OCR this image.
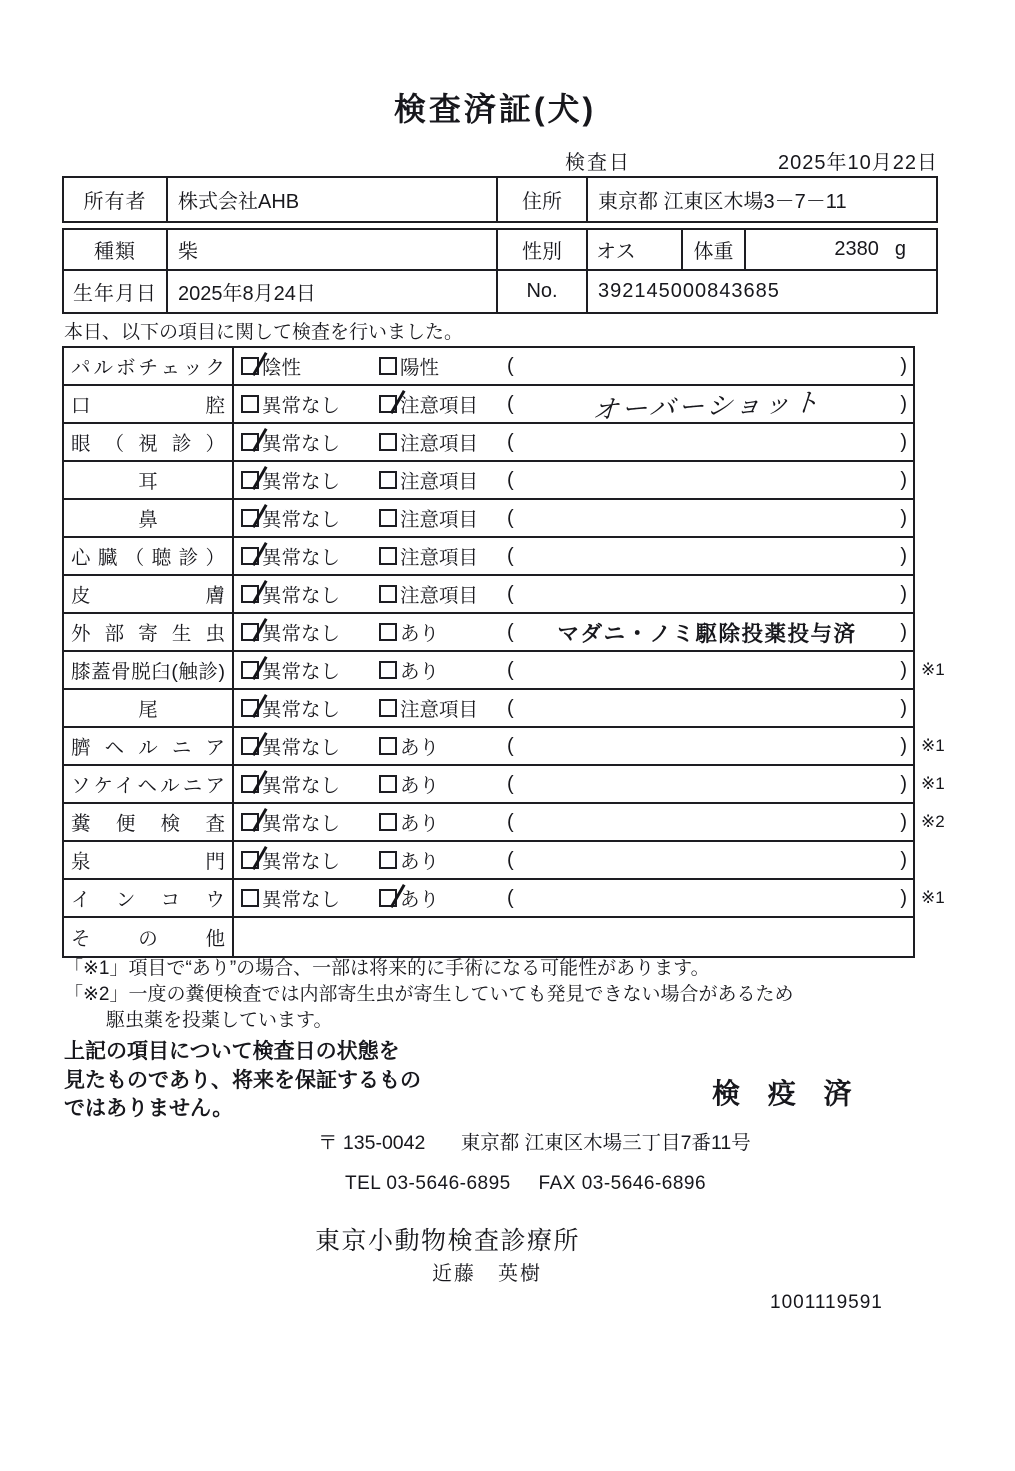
検査済証(犬)
検査日	2025年10月22日
所有者	株式会社AHB	住所	東京都 江東区木場3－7－11
種類	柴	性別	オス	体重	2380 g
生年月日	2025年8月24日	No.	392145000843685
本日、以下の項目に関して検査を行いました。
パルボチェック 陰性	陽性	(	)
口腔 異常なし	注意項目 (	オーバーショット	)
眼（視診） 異常なし	注意項目 (	)
耳	異常なし	注意項目 (	)
鼻	異常なし	注意項目 (	)
心臓（聴診） 異常なし	注意項目 (	)
皮膚 異常なし	注意項目 (	)
外部寄生虫 異常なし	あり	(	マダニ・ノミ駆除投薬投与済	)
膝蓋骨脱臼(触診) 異常なし	あり	(	) ※1
尾	異常なし	注意項目 (	)
臍ヘルニア 異常なし	あり	(	) ※1
ソケイヘルニア 異常なし	あり	(	) ※1
糞便検査 異常なし	あり	(	) ※2
泉門 異常なし	あり	(	)
インコウ 異常なし	あり	(	) ※1
その他
「※1」項目で“あり”の場合、一部は将来的に手術になる可能性があります。
「※2」一度の糞便検査では内部寄生虫が寄生していても発見できない場合があるため
駆虫薬を投薬しています。
上記の項目について検査日の状態を
見たものであり、将来を保証するもの
ではありません。	検 疫 済
〒 135-0042 東京都 江東区木場三丁目7番11号
TEL 03-5646-6895 FAX 03-5646-6896
東京小動物検査診療所
近藤　英樹
1001119591
